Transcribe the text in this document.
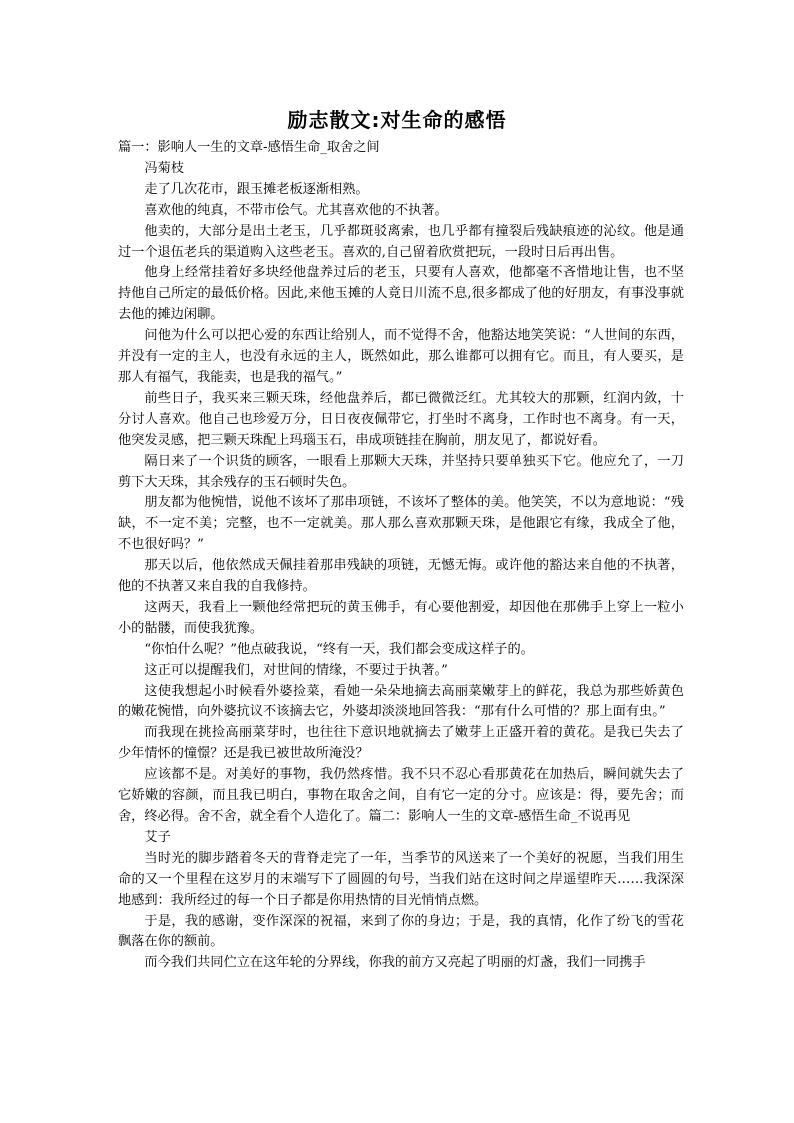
励志散文:对生命的感悟

篇一：影响人一生的文章-感悟生命_取舍之间

冯菊枝

走了几次花市，跟玉摊老板逐渐相熟。

喜欢他的纯真，不带市侩气。尤其喜欢他的不执著。

他卖的，大部分是出土老玉，几乎都斑驳离索，也几乎都有撞裂后残缺痕迹的沁纹。他是通过一个退伍老兵的渠道购入这些老玉。喜欢的,自己留着欣赏把玩，一段时日后再出售。

他身上经常挂着好多块经他盘养过后的老玉，只要有人喜欢，他都毫不吝惜地让售，也不坚持他自己所定的最低价格。因此,来他玉摊的人竟日川流不息,很多都成了他的好朋友，有事没事就去他的摊边闲聊。

问他为什么可以把心爱的东西让给别人，而不觉得不舍，他豁达地笑笑说：“人世间的东西，并没有一定的主人，也没有永远的主人，既然如此，那么谁都可以拥有它。而且，有人要买，是那人有福气，我能卖，也是我的福气。”

前些日子，我买来三颗天珠，经他盘养后，都已微微泛红。尤其较大的那颗，红润内敛，十分讨人喜欢。他自己也珍爱万分，日日夜夜佩带它，打坐时不离身，工作时也不离身。有一天，他突发灵感，把三颗天珠配上玛瑙玉石，串成项链挂在胸前，朋友见了，都说好看。

隔日来了一个识货的顾客，一眼看上那颗大天珠，并坚持只要单独买下它。他应允了，一刀剪下大天珠，其余残存的玉石顿时失色。

朋友都为他惋惜，说他不该坏了那串项链，不该坏了整体的美。他笑笑，不以为意地说：“残缺，不一定不美；完整，也不一定就美。那人那么喜欢那颗天珠，是他跟它有缘，我成全了他，不也很好吗？”

那天以后，他依然成天佩挂着那串残缺的项链，无憾无悔。或许他的豁达来自他的不执著，他的不执著又来自我的自我修持。

这两天，我看上一颗他经常把玩的黄玉佛手，有心要他割爱，却因他在那佛手上穿上一粒小小的骷髅，而使我犹豫。

“你怕什么呢？”他点破我说，“终有一天，我们都会变成这样子的。

这正可以提醒我们，对世间的情缘，不要过于执著。”

这使我想起小时候看外婆捡菜，看她一朵朵地摘去高丽菜嫩芽上的鲜花，我总为那些娇黄色的嫩花惋惜，向外婆抗议不该摘去它，外婆却淡淡地回答我：“那有什么可惜的？那上面有虫。”

而我现在挑捡高丽菜芽时，也往往下意识地就摘去了嫩芽上正盛开着的黄花。是我已失去了少年情怀的憧憬？还是我已被世故所淹没？

应该都不是。对美好的事物，我仍然疼惜。我不只不忍心看那黄花在加热后，瞬间就失去了它娇嫩的容颜，而且我已明白，事物在取舍之间，自有它一定的分寸。应该是：得，要先舍；而舍，终必得。舍不舍，就全看个人造化了。篇二：影响人一生的文章-感悟生命_不说再见

艾子

当时光的脚步踏着冬天的背脊走完了一年，当季节的风送来了一个美好的祝愿，当我们用生命的又一个里程在这岁月的末端写下了圆圆的句号，当我们站在这时间之岸遥望昨天……我深深地感到：我所经过的每一个日子都是你用热情的目光悄悄点燃。

于是，我的感谢，变作深深的祝福，来到了你的身边；于是，我的真情，化作了纷飞的雪花飘落在你的额前。

而今我们共同伫立在这年轮的分界线，你我的前方又亮起了明丽的灯盏，我们一同携手
